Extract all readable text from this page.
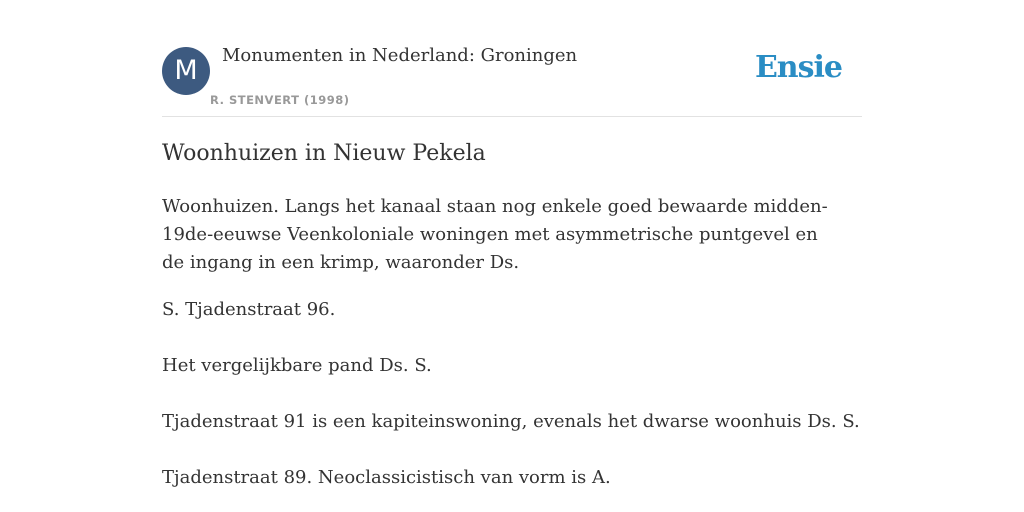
M	Monumenten in Nederland: Groningen
R. STENVERT (1998)
Ensie
Woonhuizen in Nieuw Pekela

Woonhuizen. Langs het kanaal staan nog enkele goed bewaarde midden-19de-eeuwse Veenkoloniale woningen met asymmetrische puntgevel en de ingang in een krimp, waaronder Ds.

S. Tjadenstraat 96.

Het vergelijkbare pand Ds. S.

Tjadenstraat 91 is een kapiteinswoning, evenals het dwarse woonhuis Ds. S.

Tjadenstraat 89. Neoclassicistisch van vorm is A.
